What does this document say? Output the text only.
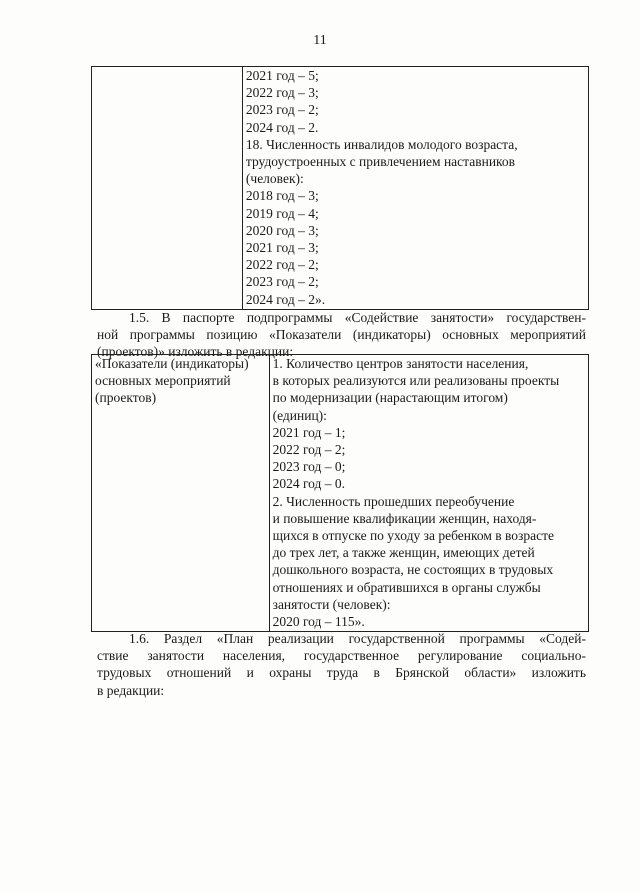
11

2021 год – 5;
2022 год – 3;
2023 год – 2;
2024 год – 2.
18. Численность инвалидов молодого возраста,
трудоустроенных с привлечением наставников
(человек):
2018 год – 3;
2019 год – 4;
2020 год – 3;
2021 год – 3;
2022 год – 2;
2023 год – 2;
2024 год – 2».
1.5. В паспорте подпрограммы «Содействие занятости» государствен-
ной программы позицию «Показатели (индикаторы) основных мероприятий
(проектов)» изложить в редакции:
«Показатели (индикаторы)
основных мероприятий
(проектов)

1. Количество центров занятости населения,
в которых реализуются или реализованы проекты
по модернизации (нарастающим итогом)
(единиц):
2021 год – 1;
2022 год – 2;
2023 год – 0;
2024 год – 0.
2. Численность прошедших переобучение
и повышение квалификации женщин, находя-
щихся в отпуске по уходу за ребенком в возрасте
до трех лет, а также женщин, имеющих детей
дошкольного возраста, не состоящих в трудовых
отношениях и обратившихся в органы службы
занятости (человек):
2020 год – 115».
1.6. Раздел «План реализации государственной программы «Содей-
ствие занятости населения, государственное регулирование социально-
трудовых отношений и охраны труда в Брянской области» изложить
в редакции:
